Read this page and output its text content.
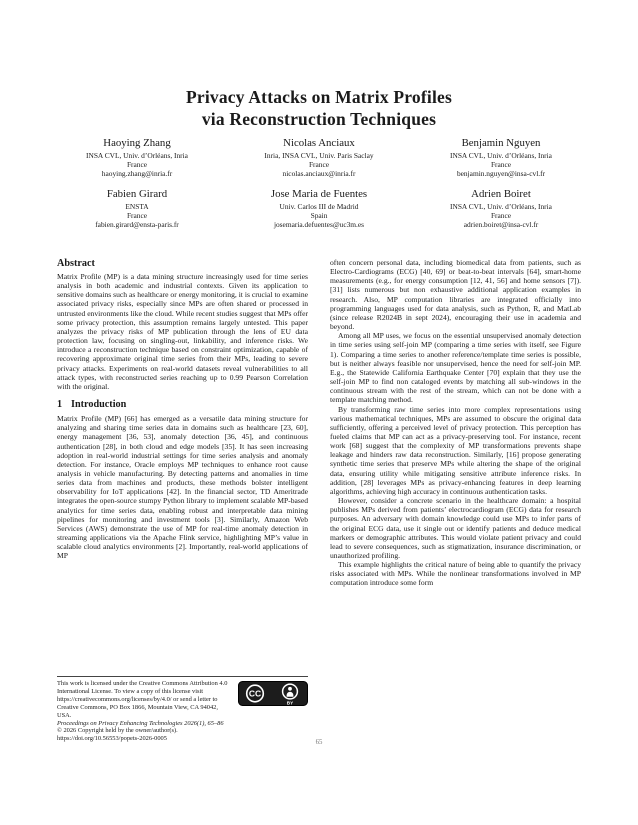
Privacy Attacks on Matrix Profiles
via Reconstruction Techniques
Haoying Zhang
INSA CVL, Univ. d’Orléans, Inria
France
haoying.zhang@inria.fr
Nicolas Anciaux
Inria, INSA CVL, Univ. Paris Saclay
France
nicolas.anciaux@inria.fr
Benjamin Nguyen
INSA CVL, Univ. d’Orléans, Inria
France
benjamin.nguyen@insa-cvl.fr
Fabien Girard
ENSTA
France
fabien.girard@ensta-paris.fr
Jose Maria de Fuentes
Univ. Carlos III de Madrid
Spain
josemaria.defuentes@uc3m.es
Adrien Boiret
INSA CVL, Univ. d’Orléans, Inria
France
adrien.boiret@insa-cvl.fr
Abstract

Matrix Profile (MP) is a data mining structure increasingly used for time series analysis in both academic and industrial contexts. Given its application to sensitive domains such as healthcare or energy monitoring, it is crucial to examine associated privacy risks, especially since MPs are often shared or processed in untrusted environments like the cloud. While recent studies suggest that MPs offer some privacy protection, this assumption remains largely untested. This paper analyzes the privacy risks of MP publication through the lens of EU data protection law, focusing on singling-out, linkability, and inference risks. We introduce a reconstruction technique based on constraint optimization, capable of recovering approximate original time series from their MPs, leading to severe privacy attacks. Experiments on real-world datasets reveal vulnerabilities to all attack types, with reconstructed series reaching up to 0.99 Pearson Correlation with the original.

1 Introduction

Matrix Profile (MP) [66] has emerged as a versatile data mining structure for analyzing and sharing time series data in domains such as healthcare [23, 60], energy management [36, 53], anomaly detection [36, 45], and continuous authentication [28], in both cloud and edge models [35]. It has seen increasing adoption in real-world industrial settings for time series analysis and anomaly detection. For instance, Oracle employs MP techniques to enhance root cause analysis in vehicle manufacturing. By detecting patterns and anomalies in time series data from machines and products, these methods bolster intelligent observability for IoT applications [42]. In the financial sector, TD Ameritrade integrates the open-source stumpy Python library to implement scalable MP-based analytics for time series data, enabling robust and interpretable data mining pipelines for monitoring and investment tools [3]. Similarly, Amazon Web Services (AWS) demonstrate the use of MP for real-time anomaly detection in streaming applications via the Apache Flink service, highlighting MP’s value in scalable cloud analytics environments [2]. Importantly, real-world applications of MP

often concern personal data, including biomedical data from patients, such as Electro-Cardiograms (ECG) [40, 69] or beat-to-beat intervals [64], smart-home measurements (e.g., for energy consumption [12, 41, 56] and home sensors [7]). [31] lists numerous but non exhaustive additional application examples in research. Also, MP computation libraries are integrated officially into programming languages used for data analysis, such as Python, R, and MatLab (since release R2024B in sept 2024), encouraging their use in academia and beyond.

Among all MP uses, we focus on the essential unsupervised anomaly detection in time series using self-join MP (comparing a time series with itself, see Figure 1). Comparing a time series to another reference/template time series is possible, but is neither always feasible nor unsupervised, hence the need for self-join MP. E.g., the Statewide California Earthquake Center [70] explain that they use the self-join MP to find non cataloged events by matching all sub-windows in the continuous stream with the rest of the stream, which can not be done with a template matching method.

By transforming raw time series into more complex representations using various mathematical techniques, MPs are assumed to obscure the original data sufficiently, offering a perceived level of privacy protection. This perception has fueled claims that MP can act as a privacy-preserving tool. For instance, recent work [68] suggest that the complexity of MP transformations prevents shape leakage and hinders raw data reconstruction. Similarly, [16] propose generating synthetic time series that preserve MPs while altering the shape of the original data, ensuring utility while mitigating sensitive attribute inference risks. In addition, [28] leverages MPs as privacy-enhancing features in deep learning algorithms, achieving high accuracy in continuous authentication tasks.

However, consider a concrete scenario in the healthcare domain: a hospital publishes MPs derived from patients’ electrocardiogram (ECG) data for research purposes. An adversary with domain knowledge could use MPs to infer parts of the original ECG data, use it single out or identify patients and deduce medical markers or demographic attributes. This would violate patient privacy and could lead to severe consequences, such as stigmatization, insurance discrimination, or unauthorized profiling.

This example highlights the critical nature of being able to quantify the privacy risks associated with MPs. While the nonlinear transformations involved in MP computation introduce some form

CC
BY

This work is licensed under the Creative Commons Attribution 4.0 International License. To view a copy of this license visit https://creativecommons.org/licenses/by/4.0/ or send a letter to Creative Commons, PO Box 1866, Mountain View, CA 94042, USA.

Proceedings on Privacy Enhancing Technologies 2026(1), 65–86

© 2026 Copyright held by the owner/author(s).

https://doi.org/10.56553/popets-2026-0005

65
